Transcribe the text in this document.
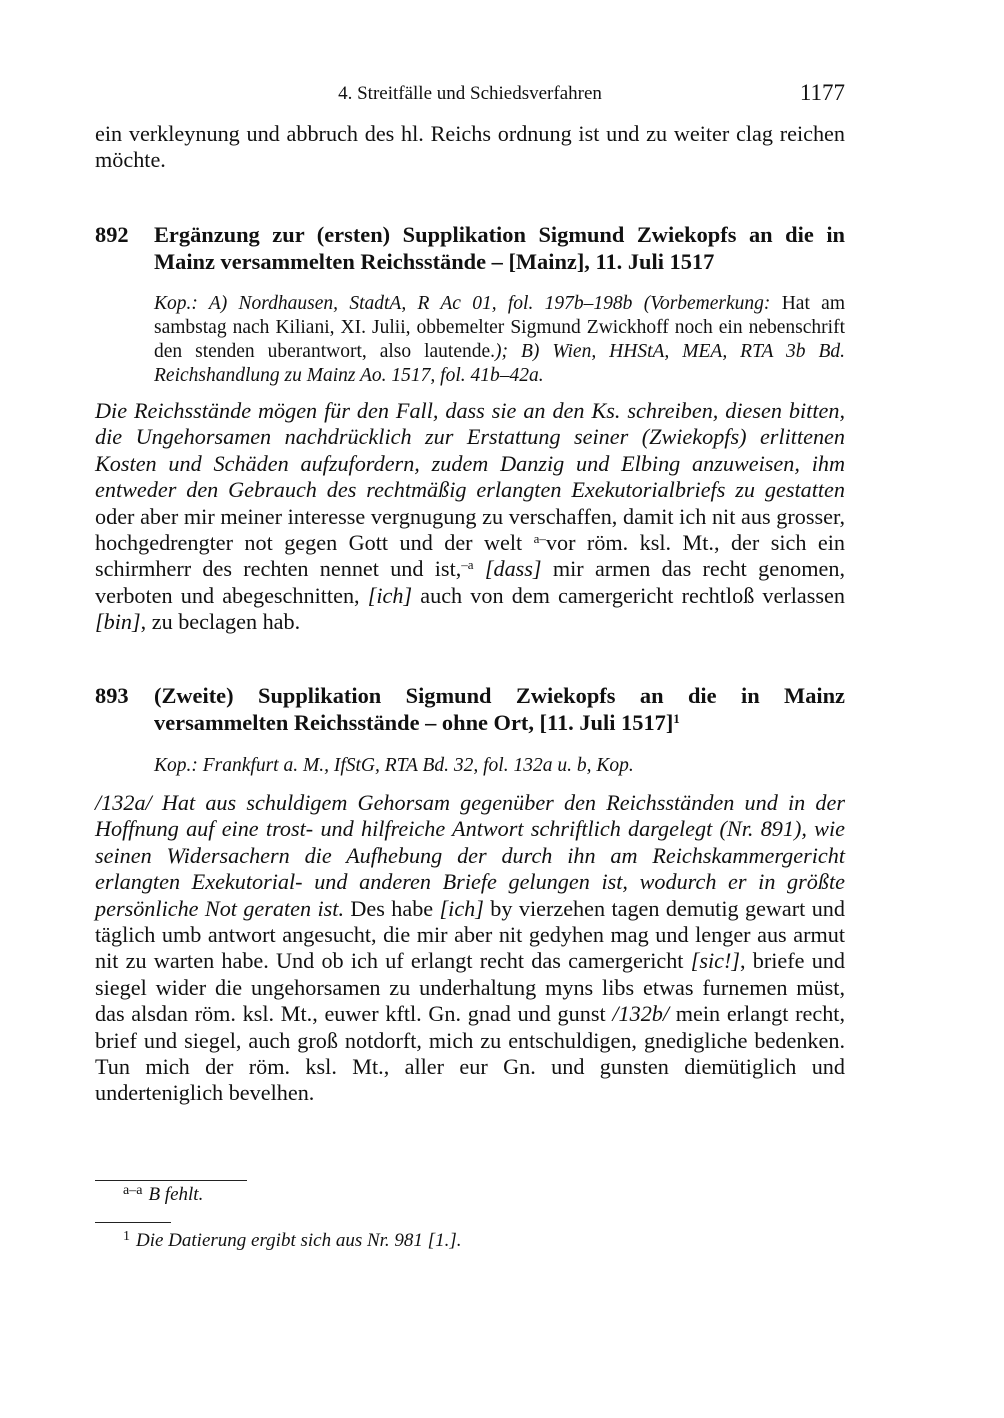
4. Streitfälle und Schiedsverfahren	1177

ein verkleynung und abbruch des hl. Reichs ordnung ist und zu weiter clag reichen möchte.

892 Ergänzung zur (ersten) Supplikation Sigmund Zwiekopfs an die in Mainz versammelten Reichsstände – [Mainz], 11. Juli 1517

Kop.: A) Nordhausen, StadtA, R Ac 01, fol. 197b–198b (Vorbemerkung: Hat am sambstag nach Kiliani, XI. Julii, obbemelter Sigmund Zwickhoff noch ein nebenschrift den stenden uberantwort, also lautende.); B) Wien, HHStA, MEA, RTA 3b Bd. Reichshandlung zu Mainz Ao. 1517, fol. 41b–42a.

Die Reichsstände mögen für den Fall, dass sie an den Ks. schreiben, diesen bitten, die Ungehorsamen nachdrücklich zur Erstattung seiner (Zwiekopfs) erlittenen Kosten und Schäden aufzufordern, zudem Danzig und Elbing anzuweisen, ihm entweder den Gebrauch des rechtmäßig erlangten Exekutorialbriefs zu gestatten oder aber mir meiner interesse vergnugung zu verschaffen, damit ich nit aus grosser, hochgedrengter not gegen Gott und der welt $^{a-}$vor röm. ksl. Mt., der sich ein schirmherr des rechten nennet und ist,$^{-a}$ [dass] mir armen das recht genomen, verboten und abegeschnitten, [ich] auch von dem camergericht rechtloß verlassen [bin], zu beclagen hab.

893 (Zweite) Supplikation Sigmund Zwiekopfs an die in Mainz versammelten Reichsstände – ohne Ort, [11. Juli 1517]$^1$

Kop.: Frankfurt a. M., IfStG, RTA Bd. 32, fol. 132a u. b, Kop.

/132a/ Hat aus schuldigem Gehorsam gegenüber den Reichsständen und in der Hoffnung auf eine trost- und hilfreiche Antwort schriftlich dargelegt (Nr. 891), wie seinen Widersachern die Aufhebung der durch ihn am Reichskammergericht erlangten Exekutorial- und anderen Briefe gelungen ist, wodurch er in größte persönliche Not geraten ist. Des habe [ich] by vierzehen tagen demutig gewart und täglich umb antwort angesucht, die mir aber nit gedyhen mag und lenger aus armut nit zu warten habe. Und ob ich uf erlangt recht das camergericht [sic!], briefe und siegel wider die ungehorsamen zu underhaltung myns libs etwas furnemen müst, das alsdan röm. ksl. Mt., euwer kftl. Gn. gnad und gunst /132b/ mein erlangt recht, brief und siegel, auch groß notdorft, mich zu entschuldigen, gnedigliche bedenken. Tun mich der röm. ksl. Mt., aller eur Gn. und gunsten diemütiglich und underteniglich bevelhen.

$^{a-a}$ B fehlt.
$^1$ Die Datierung ergibt sich aus Nr. 981 [1.].
